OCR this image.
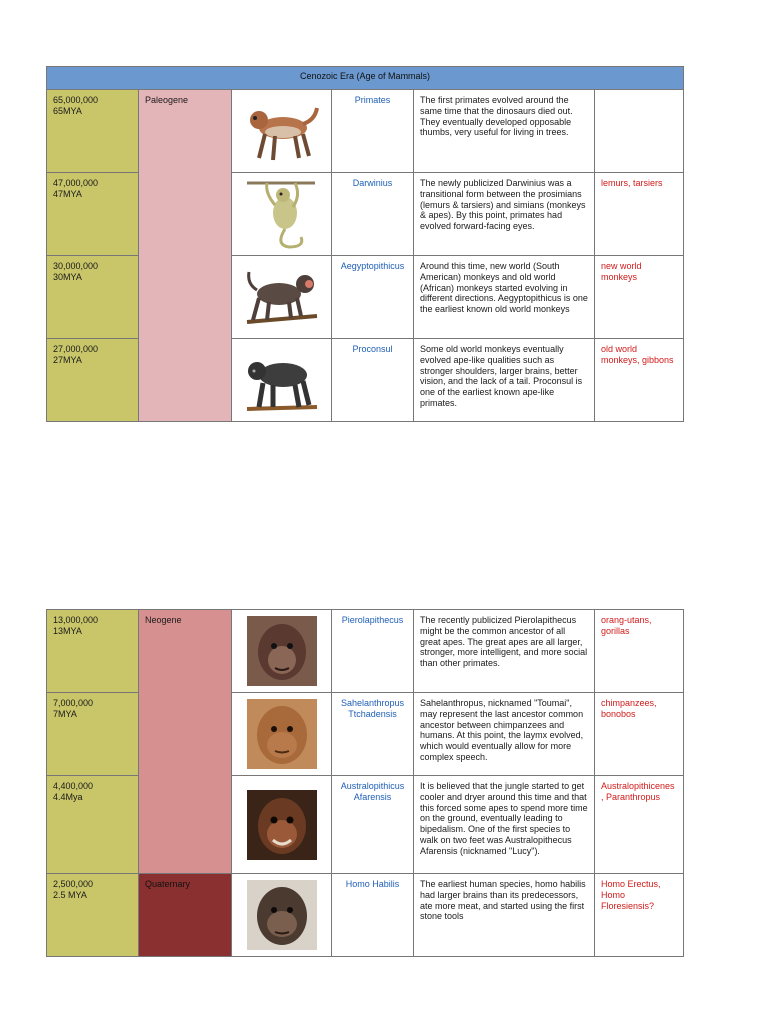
Cenozoic Era (Age of Mammals)					

65,000,000
65MYA	Paleogene		Primates	The first primates evolved around the same time that the dinosaurs died out. They eventually developed opposable thumbs, very useful for living in trees.	

47,000,000
47MYA			Darwinius	The newly publicized Darwinius was a transitional form between the prosimians (lemurs & tarsiers) and simians (monkeys & apes). By this point, primates had evolved forward-facing eyes.	lemurs, tarsiers

30,000,000
30MYA			Aegyptopithicus	Around this time, new world (South American) monkeys and old world (African) monkeys started evolving in different directions. Aegyptopithicus is one the earliest known old world monkeys	new world monkeys

27,000,000
27MYA			Proconsul	Some old world monkeys eventually evolved ape-like qualities such as stronger shoulders, larger brains, better vision, and the lack of a tail. Proconsul is one of the earliest known ape-like primates.	old world monkeys, gibbons
13,000,000
13MYA	Neogene		Pierolapithecus	The recently publicized Pierolapithecus might be the common ancestor of all great apes. The great apes are all larger, stronger, more intelligent, and more social than other primates.	orang-utans, gorillas

7,000,000
7MYA			Sahelanthropus Ttchadensis	Sahelanthropus, nicknamed "Toumai", may represent the last ancestor common ancestor between chimpanzees and humans. At this point, the laymx evolved, which would eventually allow for more complex speech.	chimpanzees, bonobos

4,400,000
4.4Mya			Australopithicus Afarensis	It is believed that the jungle started to get cooler and dryer around this time and that this forced some apes to spend more time on the ground, eventually leading to bipedalism. One of the first species to walk on two feet was Australopithecus Afarensis (nicknamed "Lucy").	Australopithicenes, Paranthropus

2,500,000
2.5 MYA	Quaternary		Homo Habilis	The earliest human species, homo habilis had larger brains than its predecessors, ate more meat, and started using the first stone tools	Homo Erectus, Homo Floresiensis?
